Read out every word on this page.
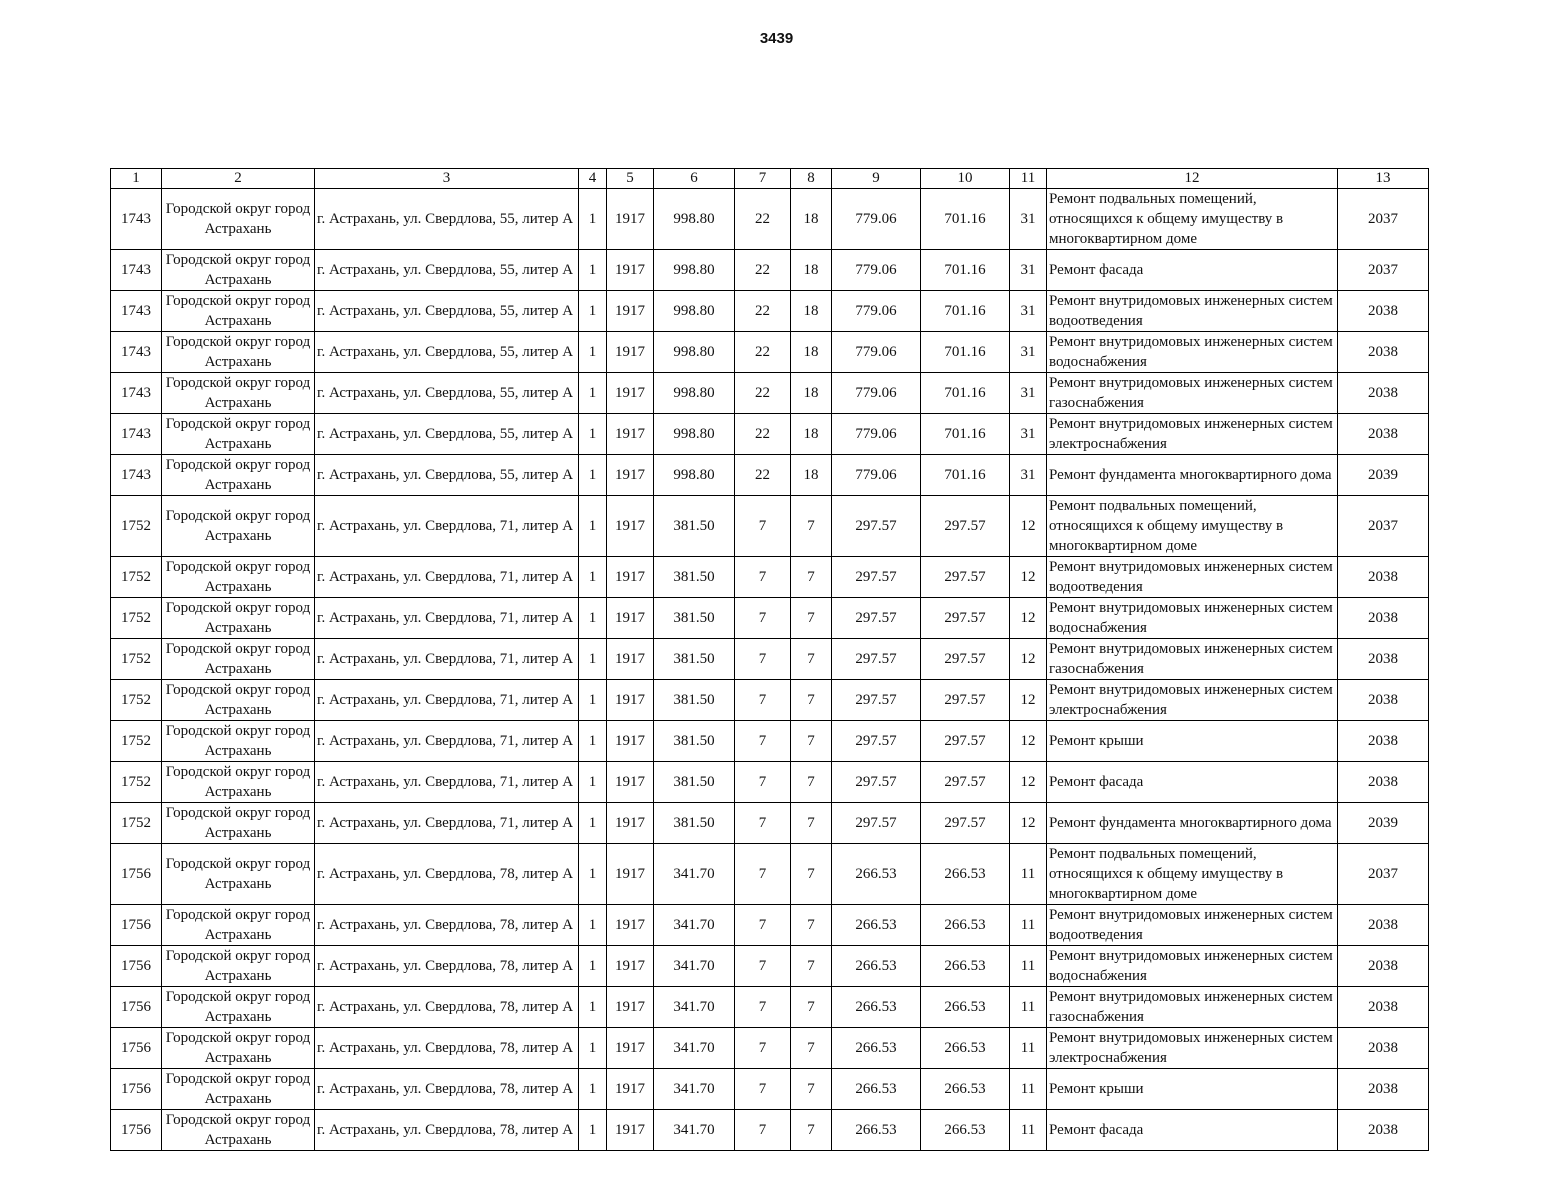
3439
1	2	3	4	5	6	7	8	9	10	11	12	13
1743	Городской округ город Астрахань	г. Астрахань, ул. Свердлова, 55, литер А	1	1917	998.80	22	18	779.06	701.16	31	Ремонт подвальных помещений, относящихся к общему имуществу в многоквартирном доме	2037
1743	Городской округ город Астрахань	г. Астрахань, ул. Свердлова, 55, литер А	1	1917	998.80	22	18	779.06	701.16	31	Ремонт фасада	2037
1743	Городской округ город Астрахань	г. Астрахань, ул. Свердлова, 55, литер А	1	1917	998.80	22	18	779.06	701.16	31	Ремонт внутридомовых инженерных систем водоотведения	2038
1743	Городской округ город Астрахань	г. Астрахань, ул. Свердлова, 55, литер А	1	1917	998.80	22	18	779.06	701.16	31	Ремонт внутридомовых инженерных систем водоснабжения	2038
1743	Городской округ город Астрахань	г. Астрахань, ул. Свердлова, 55, литер А	1	1917	998.80	22	18	779.06	701.16	31	Ремонт внутридомовых инженерных систем газоснабжения	2038
1743	Городской округ город Астрахань	г. Астрахань, ул. Свердлова, 55, литер А	1	1917	998.80	22	18	779.06	701.16	31	Ремонт внутридомовых инженерных систем электроснабжения	2038
1743	Городской округ город Астрахань	г. Астрахань, ул. Свердлова, 55, литер А	1	1917	998.80	22	18	779.06	701.16	31	Ремонт фундамента многоквартирного дома	2039
1752	Городской округ город Астрахань	г. Астрахань, ул. Свердлова, 71, литер А	1	1917	381.50	7	7	297.57	297.57	12	Ремонт подвальных помещений, относящихся к общему имуществу в многоквартирном доме	2037
1752	Городской округ город Астрахань	г. Астрахань, ул. Свердлова, 71, литер А	1	1917	381.50	7	7	297.57	297.57	12	Ремонт внутридомовых инженерных систем водоотведения	2038
1752	Городской округ город Астрахань	г. Астрахань, ул. Свердлова, 71, литер А	1	1917	381.50	7	7	297.57	297.57	12	Ремонт внутридомовых инженерных систем водоснабжения	2038
1752	Городской округ город Астрахань	г. Астрахань, ул. Свердлова, 71, литер А	1	1917	381.50	7	7	297.57	297.57	12	Ремонт внутридомовых инженерных систем газоснабжения	2038
1752	Городской округ город Астрахань	г. Астрахань, ул. Свердлова, 71, литер А	1	1917	381.50	7	7	297.57	297.57	12	Ремонт внутридомовых инженерных систем электроснабжения	2038
1752	Городской округ город Астрахань	г. Астрахань, ул. Свердлова, 71, литер А	1	1917	381.50	7	7	297.57	297.57	12	Ремонт крыши	2038
1752	Городской округ город Астрахань	г. Астрахань, ул. Свердлова, 71, литер А	1	1917	381.50	7	7	297.57	297.57	12	Ремонт фасада	2038
1752	Городской округ город Астрахань	г. Астрахань, ул. Свердлова, 71, литер А	1	1917	381.50	7	7	297.57	297.57	12	Ремонт фундамента многоквартирного дома	2039
1756	Городской округ город Астрахань	г. Астрахань, ул. Свердлова, 78, литер А	1	1917	341.70	7	7	266.53	266.53	11	Ремонт подвальных помещений, относящихся к общему имуществу в многоквартирном доме	2037
1756	Городской округ город Астрахань	г. Астрахань, ул. Свердлова, 78, литер А	1	1917	341.70	7	7	266.53	266.53	11	Ремонт внутридомовых инженерных систем водоотведения	2038
1756	Городской округ город Астрахань	г. Астрахань, ул. Свердлова, 78, литер А	1	1917	341.70	7	7	266.53	266.53	11	Ремонт внутридомовых инженерных систем водоснабжения	2038
1756	Городской округ город Астрахань	г. Астрахань, ул. Свердлова, 78, литер А	1	1917	341.70	7	7	266.53	266.53	11	Ремонт внутридомовых инженерных систем газоснабжения	2038
1756	Городской округ город Астрахань	г. Астрахань, ул. Свердлова, 78, литер А	1	1917	341.70	7	7	266.53	266.53	11	Ремонт внутридомовых инженерных систем электроснабжения	2038
1756	Городской округ город Астрахань	г. Астрахань, ул. Свердлова, 78, литер А	1	1917	341.70	7	7	266.53	266.53	11	Ремонт крыши	2038
1756	Городской округ город Астрахань	г. Астрахань, ул. Свердлова, 78, литер А	1	1917	341.70	7	7	266.53	266.53	11	Ремонт фасада	2038
